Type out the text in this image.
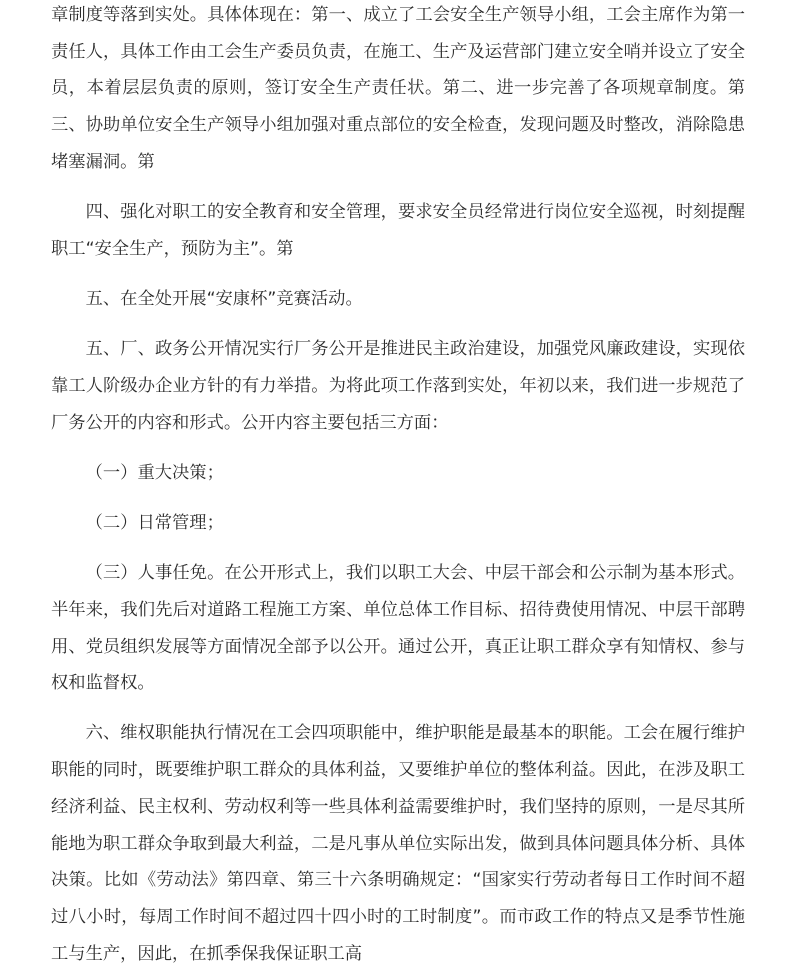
章制度等落到实处。具体体现在：第一、成立了工会安全生产领导小组，工会主席作为第一责任人，具体工作由工会生产委员负责，在施工、生产及运营部门建立安全哨并设立了安全员，本着层层负责的原则，签订安全生产责任状。第二、进一步完善了各项规章制度。第三、协助单位安全生产领导小组加强对重点部位的安全检查，发现问题及时整改，消除隐患堵塞漏洞。第

四、强化对职工的安全教育和安全管理，要求安全员经常进行岗位安全巡视，时刻提醒职工“安全生产，预防为主”。第

五、在全处开展“安康杯”竞赛活动。

五、厂、政务公开情况实行厂务公开是推进民主政治建设，加强党风廉政建设，实现依靠工人阶级办企业方针的有力举措。为将此项工作落到实处，年初以来，我们进一步规范了厂务公开的内容和形式。公开内容主要包括三方面：

（一）重大决策；

（二）日常管理；

（三）人事任免。在公开形式上，我们以职工大会、中层干部会和公示制为基本形式。半年来，我们先后对道路工程施工方案、单位总体工作目标、招待费使用情况、中层干部聘用、党员组织发展等方面情况全部予以公开。通过公开，真正让职工群众享有知情权、参与权和监督权。

六、维权职能执行情况在工会四项职能中，维护职能是最基本的职能。工会在履行维护职能的同时，既要维护职工群众的具体利益，又要维护单位的整体利益。因此，在涉及职工经济利益、民主权利、劳动权利等一些具体利益需要维护时，我们坚持的原则，一是尽其所能地为职工群众争取到最大利益，二是凡事从单位实际出发，做到具体问题具体分析、具体决策。比如《劳动法》第四章、第三十六条明确规定：“国家实行劳动者每日工作时间不超过八小时，每周工作时间不超过四十四小时的工时制度”。而市政工作的特点又是季节性施工与生产，因此，在抓季保我保证职工高
